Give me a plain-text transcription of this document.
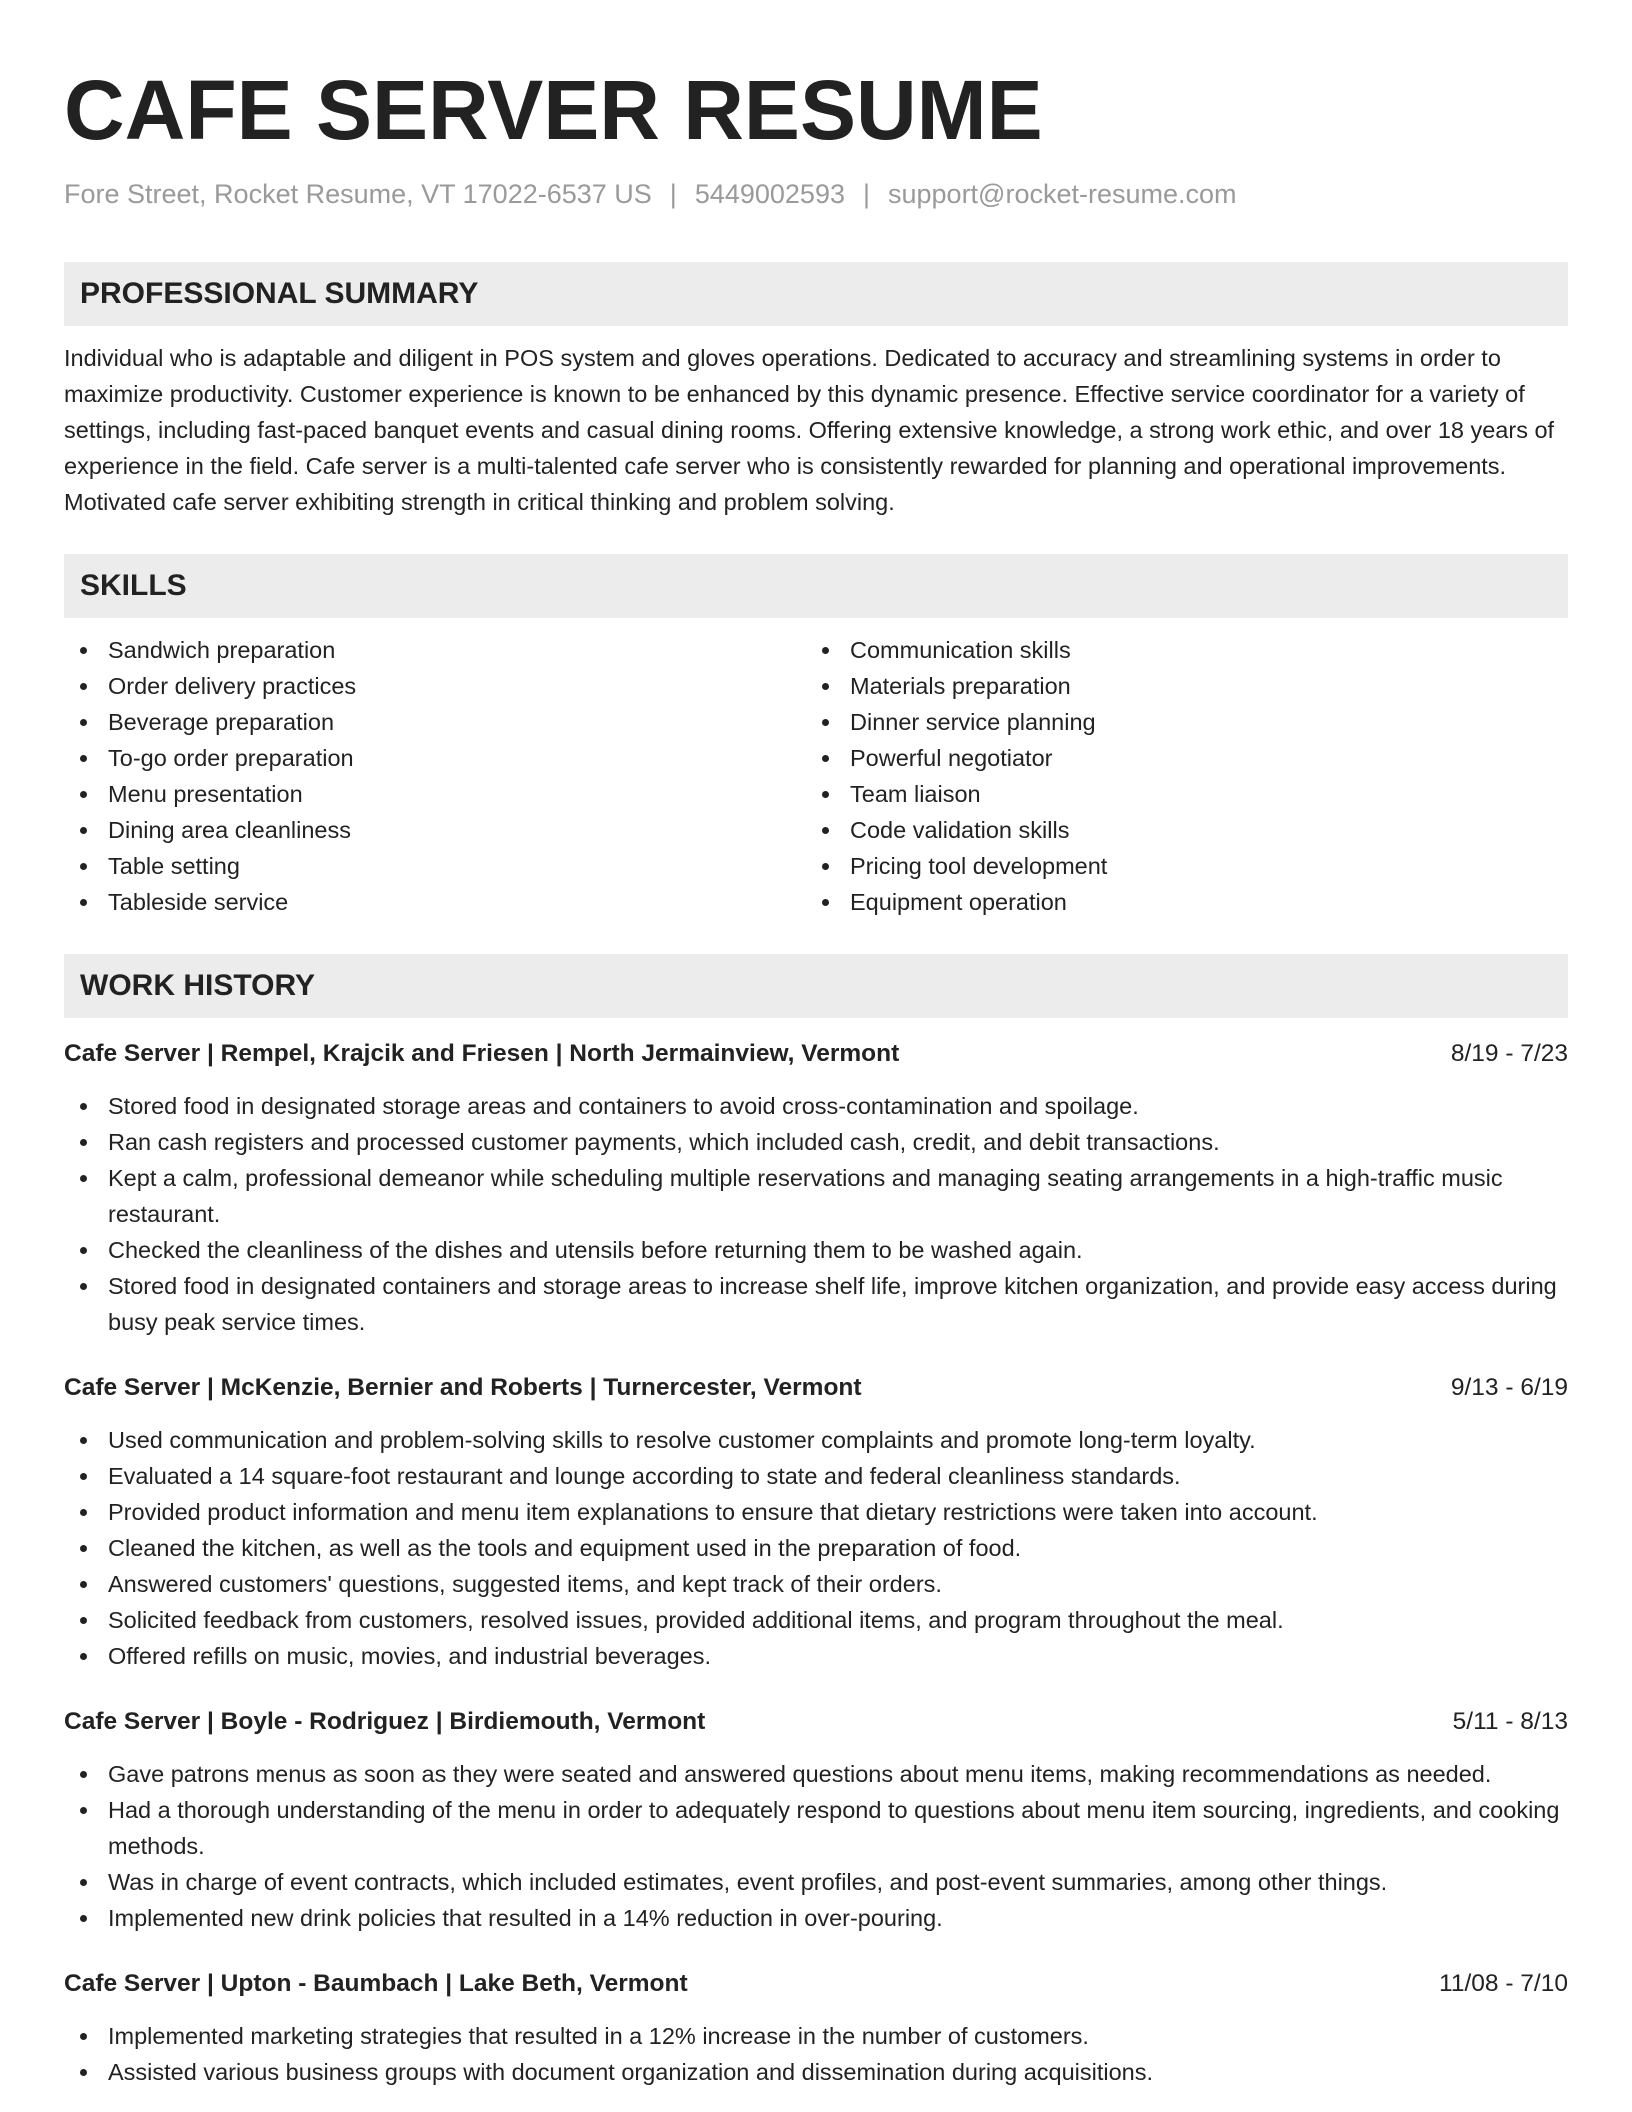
CAFE SERVER RESUME
Fore Street, Rocket Resume, VT 17022-6537 US | 5449002593 | support@rocket-resume.com
PROFESSIONAL SUMMARY

Individual who is adaptable and diligent in POS system and gloves operations. Dedicated to accuracy and streamlining systems in order to maximize productivity. Customer experience is known to be enhanced by this dynamic presence. Effective service coordinator for a variety of settings, including fast-paced banquet events and casual dining rooms. Offering extensive knowledge, a strong work ethic, and over 18 years of experience in the field. Cafe server is a multi-talented cafe server who is consistently rewarded for planning and operational improvements. Motivated cafe server exhibiting strength in critical thinking and problem solving.

SKILLS
Sandwich preparation
Order delivery practices
Beverage preparation
To-go order preparation
Menu presentation
Dining area cleanliness
Table setting
Tableside service
Communication skills
Materials preparation
Dinner service planning
Powerful negotiator
Team liaison
Code validation skills
Pricing tool development
Equipment operation
WORK HISTORY
Cafe Server | Rempel, Krajcik and Friesen | North Jermainview, Vermont	8/19 - 7/23
Stored food in designated storage areas and containers to avoid cross-contamination and spoilage.
Ran cash registers and processed customer payments, which included cash, credit, and debit transactions.
Kept a calm, professional demeanor while scheduling multiple reservations and managing seating arrangements in a high-traffic music restaurant.
Checked the cleanliness of the dishes and utensils before returning them to be washed again.
Stored food in designated containers and storage areas to increase shelf life, improve kitchen organization, and provide easy access during busy peak service times.
Cafe Server | McKenzie, Bernier and Roberts | Turnercester, Vermont	9/13 - 6/19
Used communication and problem-solving skills to resolve customer complaints and promote long-term loyalty.
Evaluated a 14 square-foot restaurant and lounge according to state and federal cleanliness standards.
Provided product information and menu item explanations to ensure that dietary restrictions were taken into account.
Cleaned the kitchen, as well as the tools and equipment used in the preparation of food.
Answered customers' questions, suggested items, and kept track of their orders.
Solicited feedback from customers, resolved issues, provided additional items, and program throughout the meal.
Offered refills on music, movies, and industrial beverages.
Cafe Server | Boyle - Rodriguez | Birdiemouth, Vermont	5/11 - 8/13
Gave patrons menus as soon as they were seated and answered questions about menu items, making recommendations as needed.
Had a thorough understanding of the menu in order to adequately respond to questions about menu item sourcing, ingredients, and cooking methods.
Was in charge of event contracts, which included estimates, event profiles, and post-event summaries, among other things.
Implemented new drink policies that resulted in a 14% reduction in over-pouring.
Cafe Server | Upton - Baumbach | Lake Beth, Vermont	11/08 - 7/10
Implemented marketing strategies that resulted in a 12% increase in the number of customers.
Assisted various business groups with document organization and dissemination during acquisitions.
